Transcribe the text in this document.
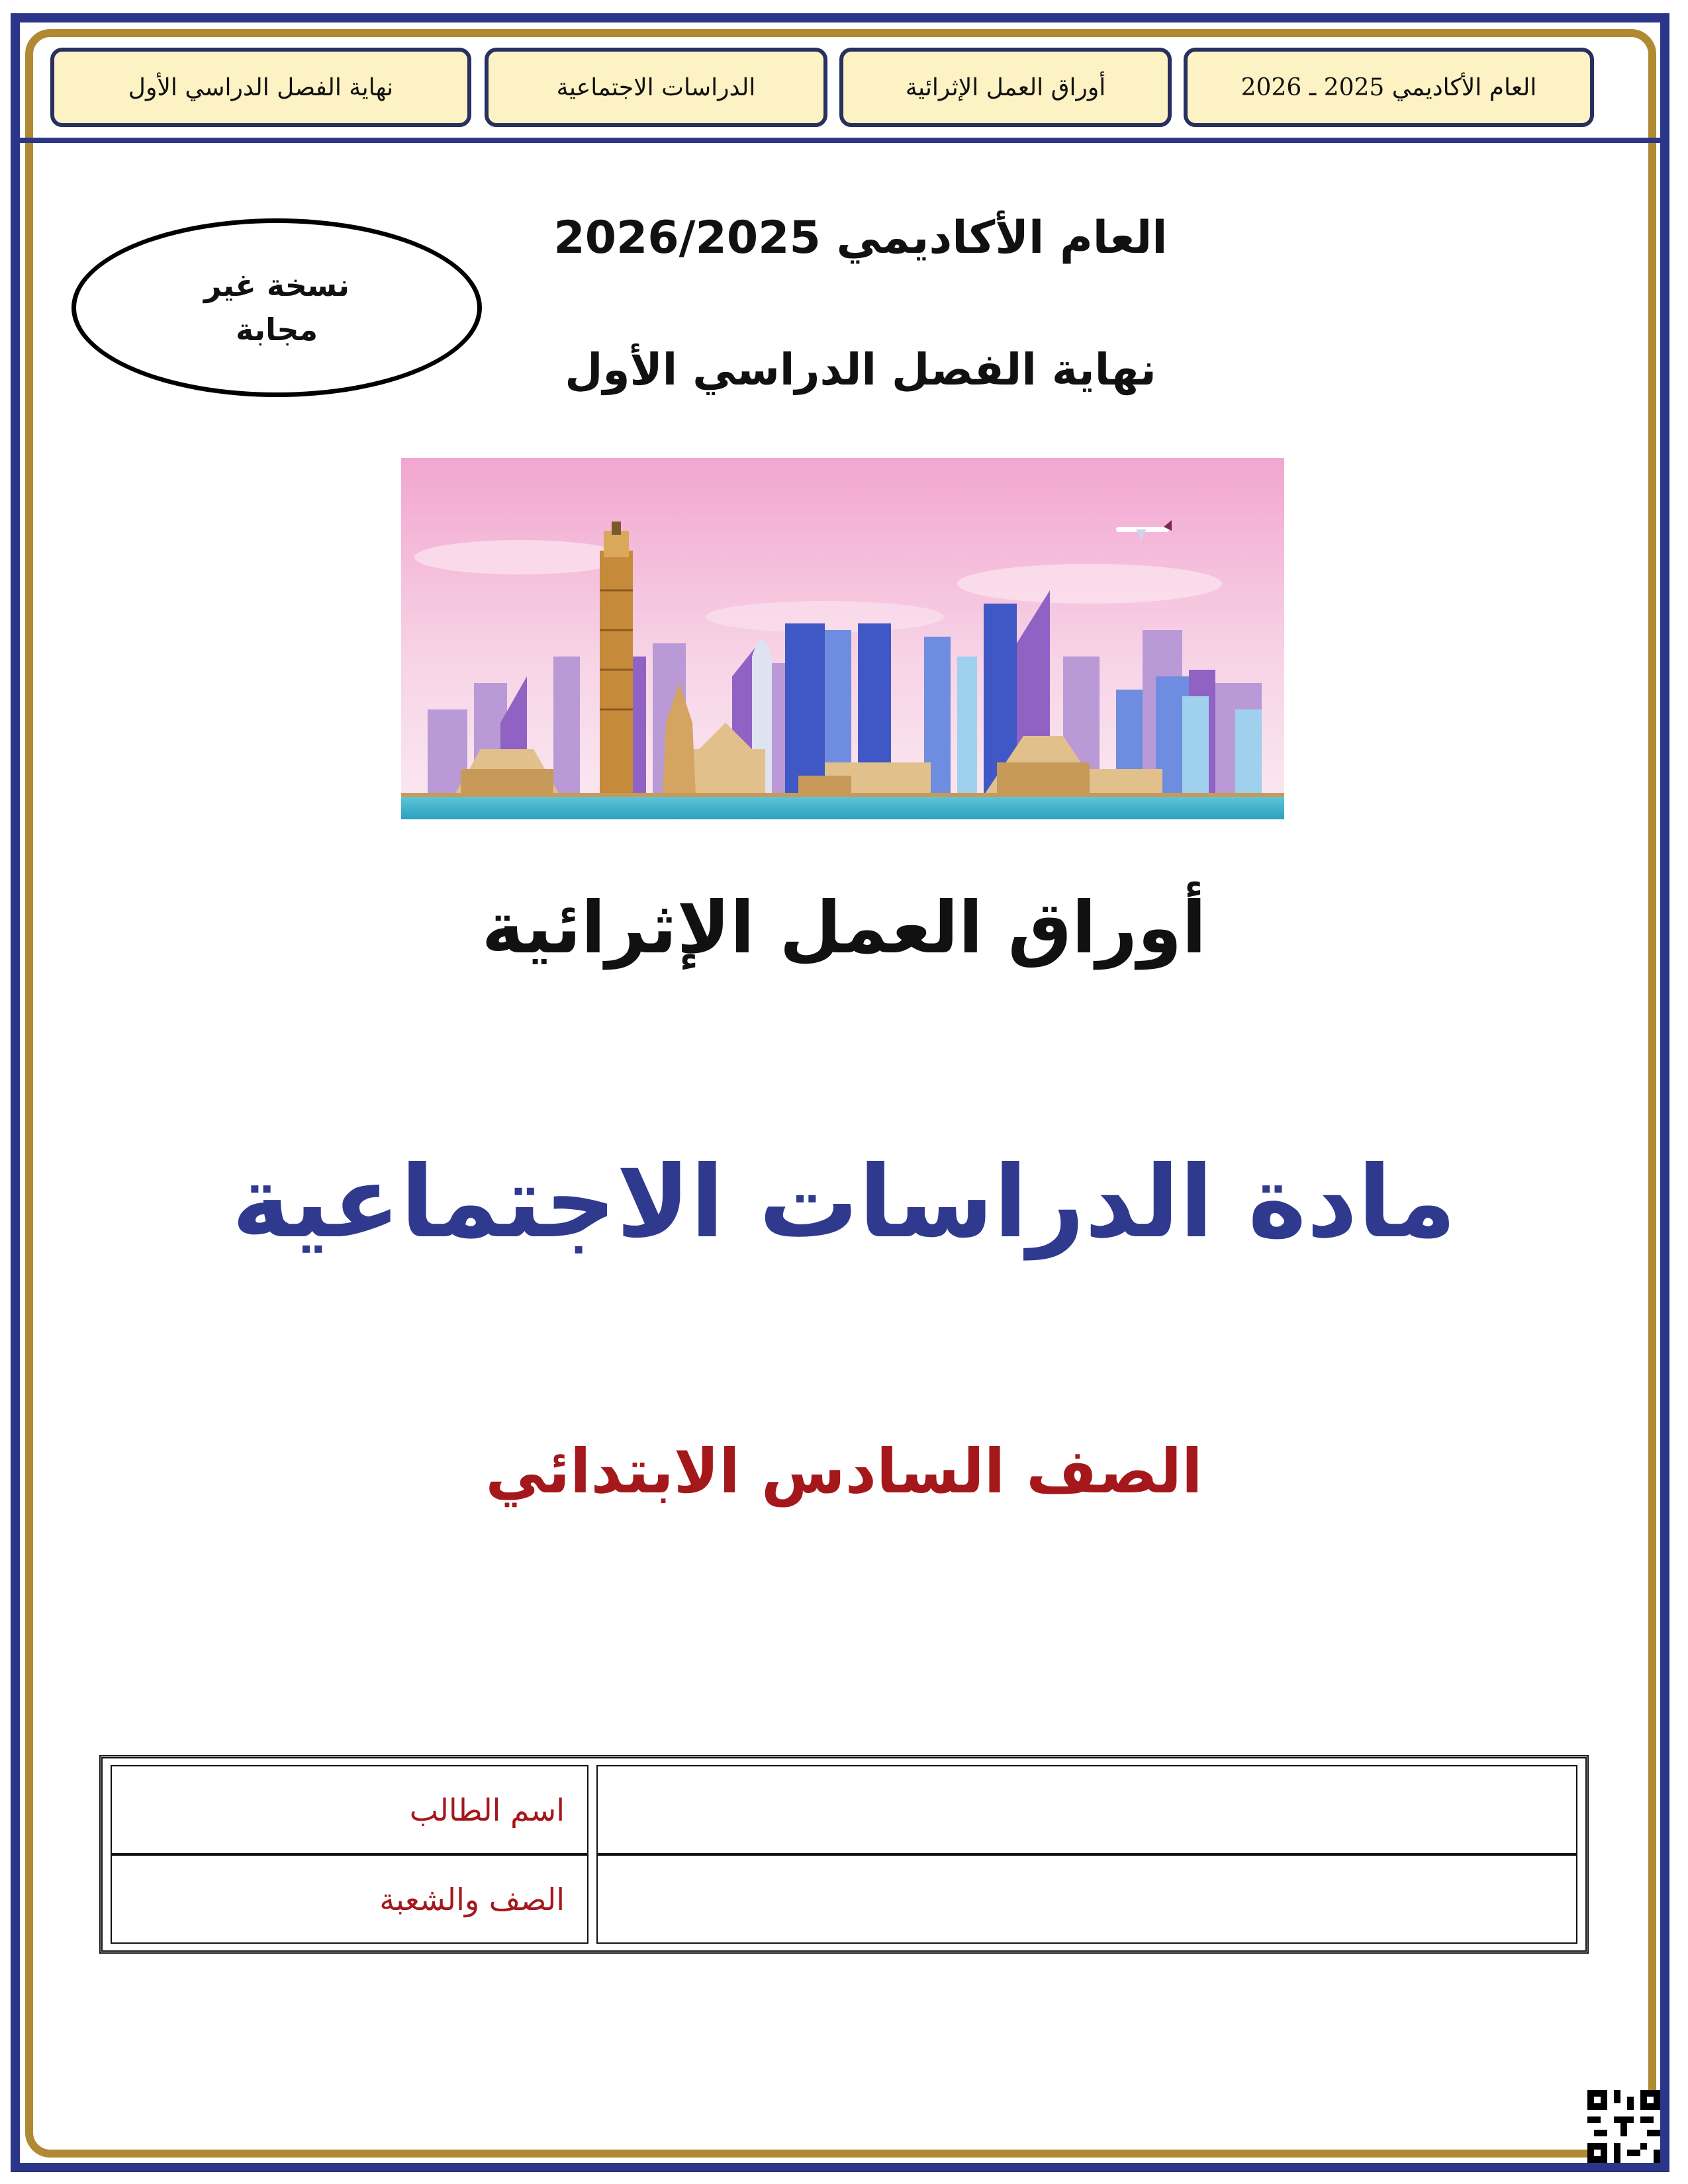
العام الأكاديمي 2025 ـ 2026
أوراق العمل الإثرائية
الدراسات الاجتماعية
نهاية الفصل الدراسي الأول
نسخة غير
مجابة
العام الأكاديمي 2026/2025
نهاية الفصل الدراسي الأول
أوراق العمل الإثرائية
مادة الدراسات الاجتماعية
الصف السادس الابتدائي
اسم الطالب	
الصف والشعبة	
